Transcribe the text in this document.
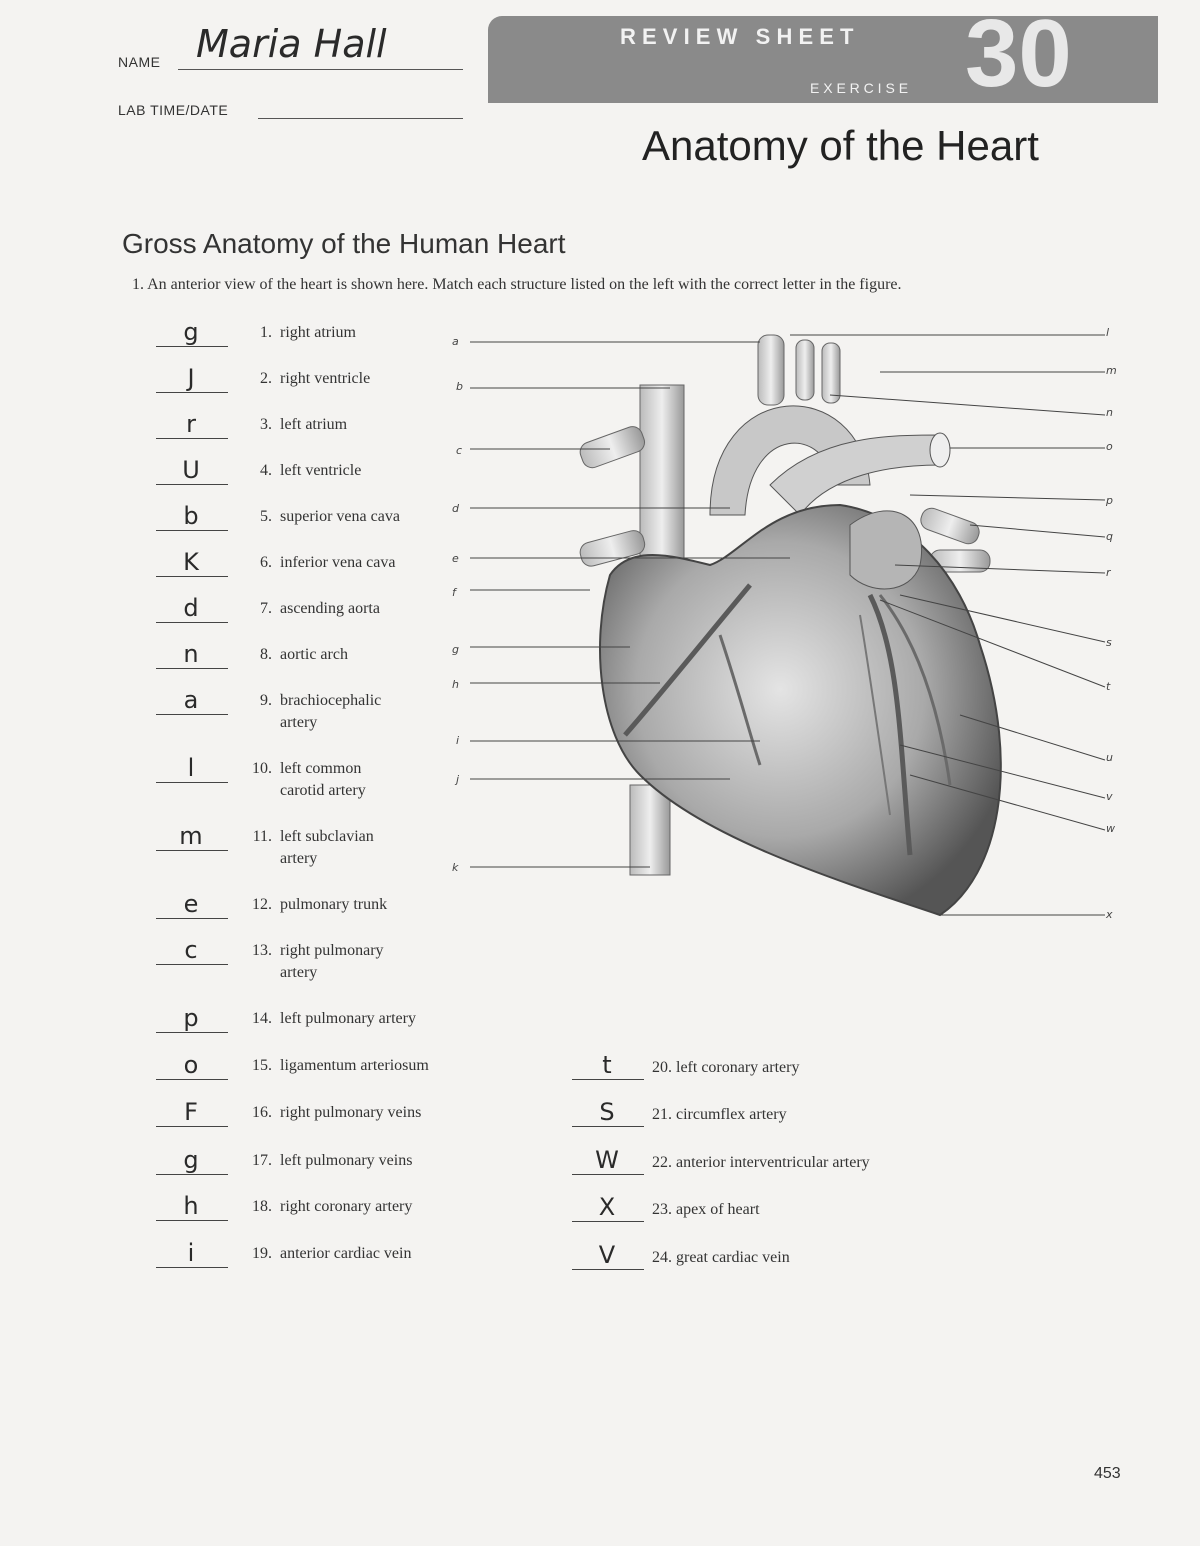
NAME Maria Hall
LAB TIME/DATE
R E V I E W   S H E E T
E X E R C I S E 30
Anatomy of the Heart
Gross Anatomy of the Human Heart
1. An anterior view of the heart is shown here. Match each structure listed on the left with the correct letter in the figure.
g	1. right atrium
J	2. right ventricle
r	3. left atrium
U	4. left ventricle
b	5. superior vena cava
K	6. inferior vena cava
d	7. ascending aorta
n	8. aortic arch
a	9. brachiocephalic
artery
l	10. left common
carotid artery
m	11. left subclavian
artery
e	12. pulmonary trunk
c	13. right pulmonary
artery
p	14. left pulmonary artery
o	15. ligamentum arteriosum
F	16. right pulmonary veins
g	17. left pulmonary veins
h	18. right coronary artery
i	19. anterior cardiac vein
t	20. left coronary artery
S	21. circumflex artery
W	22. anterior interventricular artery
X	23. apex of heart
V	24. great cardiac vein
a
b
c
d
e
f
g
h
i
j
k
l
m
n
o
p
q
r
s
t
u
v
w
x
453
